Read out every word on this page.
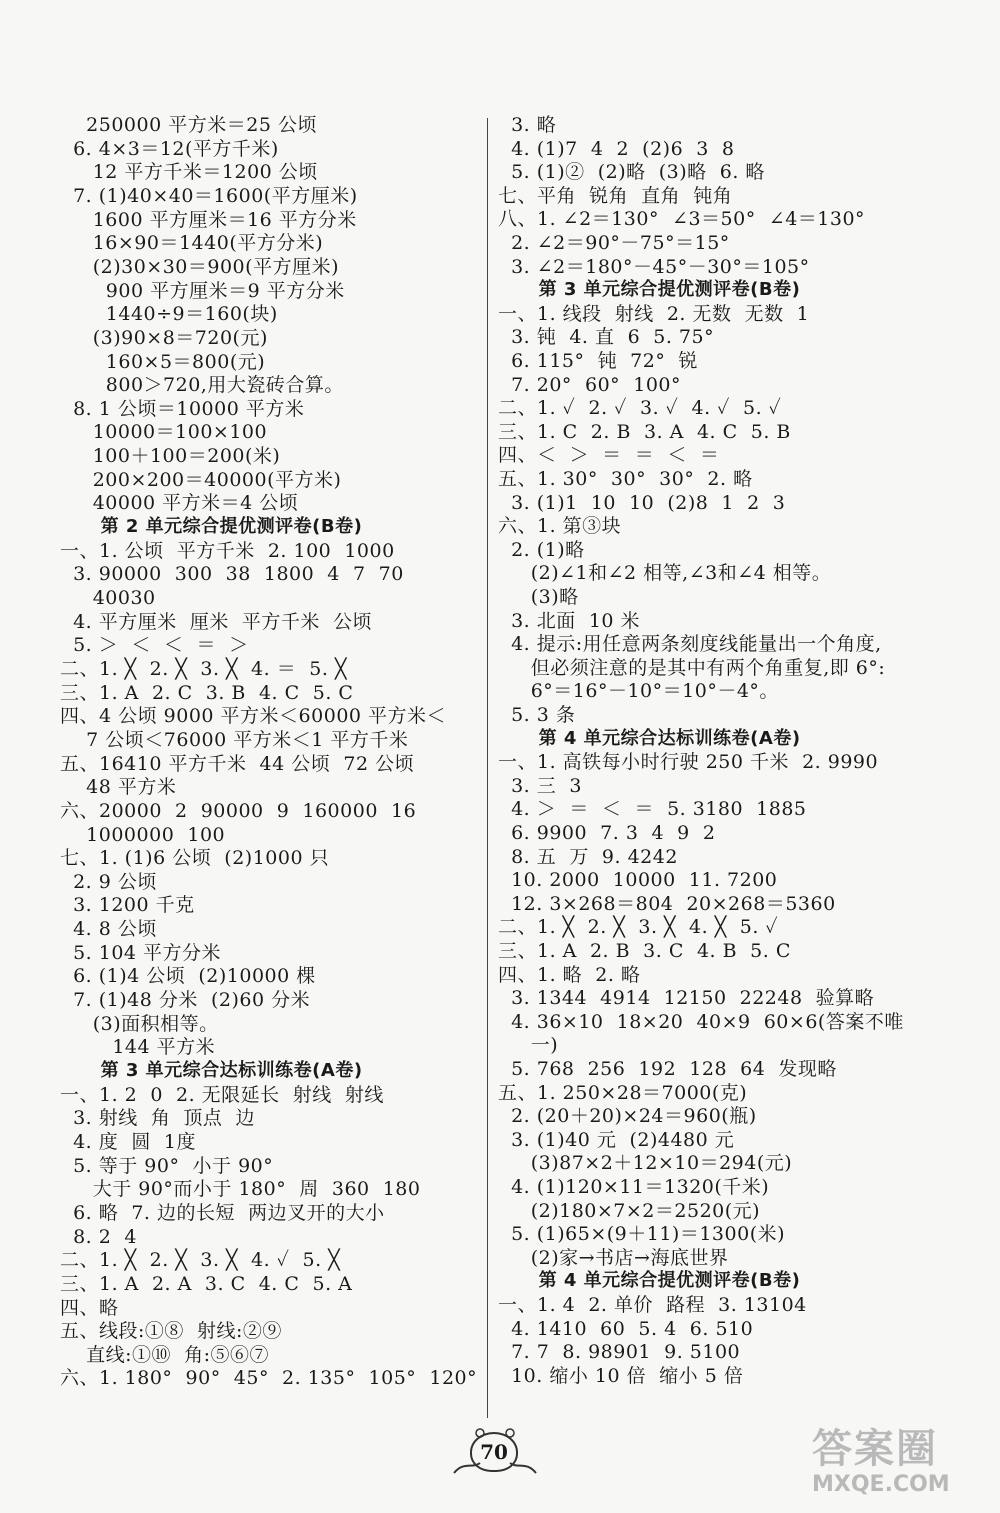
250000 平方米＝25 公顷
6. 4×3＝12(平方千米)
12 平方千米＝1200 公顷
7. (1)40×40＝1600(平方厘米)
1600 平方厘米＝16 平方分米
16×90＝1440(平方分米)
(2)30×30＝900(平方厘米)
900 平方厘米＝9 平方分米
1440÷9＝160(块)
(3)90×8＝720(元)
160×5＝800(元)
800＞720,用大瓷砖合算。
8. 1 公顷＝10000 平方米
10000＝100×100
100＋100＝200(米)
200×200＝40000(平方米)
40000 平方米＝4 公顷
第 2 单元综合提优测评卷(B卷)
一、1. 公顷  平方千米  2. 100  1000
3. 90000  300  38  1800  4  7  70
40030
4. 平方厘米  厘米  平方千米  公顷
5. ＞  ＜  ＜  ＝  ＞
二、1. ╳  2. ╳  3. ╳  4. ＝  5. ╳
三、1. A  2. C  3. B  4. C  5. C
四、4 公顷 9000 平方米＜60000 平方米＜
7 公顷＜76000 平方米＜1 平方千米
五、16410 平方千米  44 公顷  72 公顷
48 平方米
六、20000  2  90000  9  160000  16
1000000  100
七、1. (1)6 公顷  (2)1000 只
2. 9 公顷
3. 1200 千克
4. 8 公顷
5. 104 平方分米
6. (1)4 公顷  (2)10000 棵
7. (1)48 分米  (2)60 分米
(3)面积相等。
144 平方米
第 3 单元综合达标训练卷(A卷)
一、1. 2  0  2. 无限延长  射线  射线
3. 射线  角  顶点  边
4. 度  圆  1度
5. 等于 90°  小于 90°
大于 90°而小于 180°  周  360  180
6. 略  7. 边的长短  两边叉开的大小
8. 2  4
二、1. ╳  2. ╳  3. ╳  4. ✓  5. ╳
三、1. A  2. A  3. C  4. C  5. A
四、略
五、线段:①⑧  射线:②⑨
直线:①⑩  角:⑤⑥⑦
六、1. 180°  90°  45°  2. 135°  105°  120°
3. 略
4. (1)7  4  2  (2)6  3  8
5. (1)②  (2)略  (3)略  6. 略
七、平角  锐角  直角  钝角
八、1. ∠2＝130°  ∠3＝50°  ∠4＝130°
2. ∠2＝90°－75°＝15°
3. ∠2＝180°－45°－30°＝105°
第 3 单元综合提优测评卷(B卷)
一、1. 线段  射线  2. 无数  无数  1
3. 钝  4. 直  6  5. 75°
6. 115°  钝  72°  锐
7. 20°  60°  100°
二、1. ✓  2. ✓  3. ✓  4. ✓  5. ✓
三、1. C  2. B  3. A  4. C  5. B
四、＜  ＞  ＝  ＝  ＜  ＝
五、1. 30°  30°  30°  2. 略
3. (1)1  10  10  (2)8  1  2  3
六、1. 第③块
2. (1)略
(2)∠1和∠2 相等,∠3和∠4 相等。
(3)略
3. 北面  10 米
4. 提示:用任意两条刻度线能量出一个角度,
但必须注意的是其中有两个角重复,即 6°:
6°＝16°－10°＝10°－4°。
5. 3 条
第 4 单元综合达标训练卷(A卷)
一、1. 高铁每小时行驶 250 千米  2. 9990
3. 三  3
4. ＞  ＝  ＜  ＝  5. 3180  1885
6. 9900  7. 3  4  9  2
8. 五  万  9. 4242
10. 2000  10000  11. 7200
12. 3×268＝804  20×268＝5360
二、1. ╳  2. ╳  3. ╳  4. ╳  5. ✓
三、1. A  2. B  3. C  4. B  5. C
四、1. 略  2. 略
3. 1344  4914  12150  22248  验算略
4. 36×10  18×20  40×9  60×6(答案不唯
一)
5. 768  256  192  128  64  发现略
五、1. 250×28＝7000(克)
2. (20＋20)×24＝960(瓶)
3. (1)40 元  (2)4480 元
(3)87×2＋12×10＝294(元)
4. (1)120×11＝1320(千米)
(2)180×7×2＝2520(元)
5. (1)65×(9＋11)＝1300(米)
(2)家→书店→海底世界
第 4 单元综合提优测评卷(B卷)
一、1. 4  2. 单价  路程  3. 13104
4. 1410  60  5. 4  6. 510
7. 7  8. 98901  9. 5100
10. 缩小 10 倍  缩小 5 倍
70	答案圈
MXQE.COM
